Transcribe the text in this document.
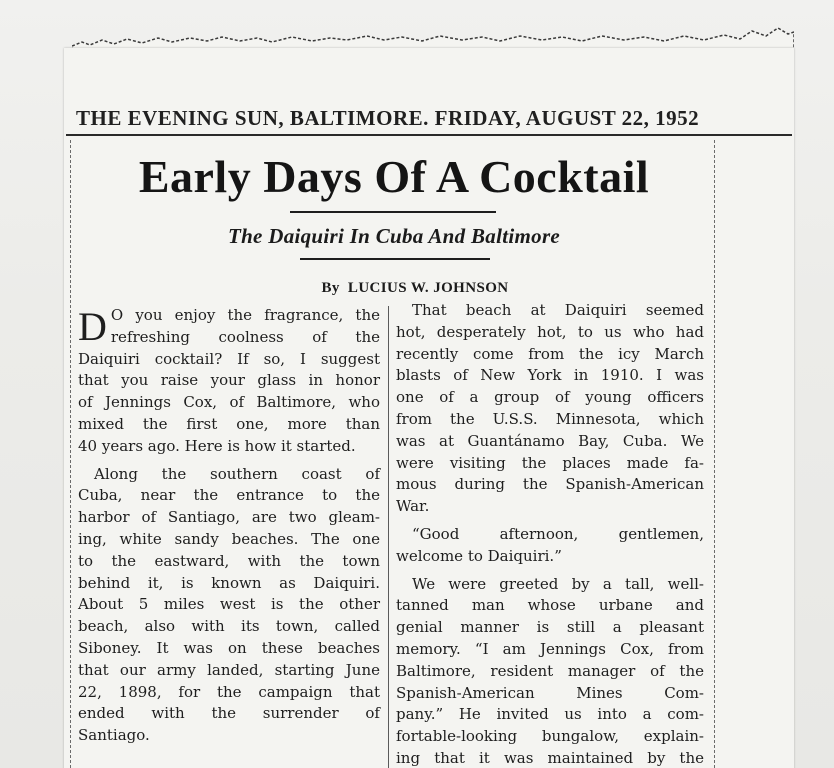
THE EVENING SUN, BALTIMORE. FRIDAY, AUGUST 22, 1952
Early Days Of A Cocktail
The Daiquiri In Cuba And Baltimore
By LUCIUS W. JOHNSON
D O you enjoy the fragrance, the
refreshing coolness of the
Daiquiri cocktail? If so, I suggest
that you raise your glass in honor
of Jennings Cox, of Baltimore, who
mixed the first one, more than
40 years ago. Here is how it started.
Along the southern coast of
Cuba, near the entrance to the
harbor of Santiago, are two gleam-
ing, white sandy beaches. The one
to the eastward, with the town
behind it, is known as Daiquiri.
About 5 miles west is the other
beach, also with its town, called
Siboney. It was on these beaches
that our army landed, starting June
22, 1898, for the campaign that
ended with the surrender of
Santiago.
That beach at Daiquiri seemed
hot, desperately hot, to us who had
recently come from the icy March
blasts of New York in 1910. I was
one of a group of young officers
from the U.S.S. Minnesota, which
was at Guantánamo Bay, Cuba. We
were visiting the places made fa-
mous during the Spanish-American
War.
“Good afternoon, gentlemen,
welcome to Daiquiri.”
We were greeted by a tall, well-
tanned man whose urbane and
genial manner is still a pleasant
memory. “I am Jennings Cox, from
Baltimore, resident manager of the
Spanish-American Mines Com-
pany.” He invited us into a com-
fortable-looking bungalow, explain-
ing that it was maintained by the
